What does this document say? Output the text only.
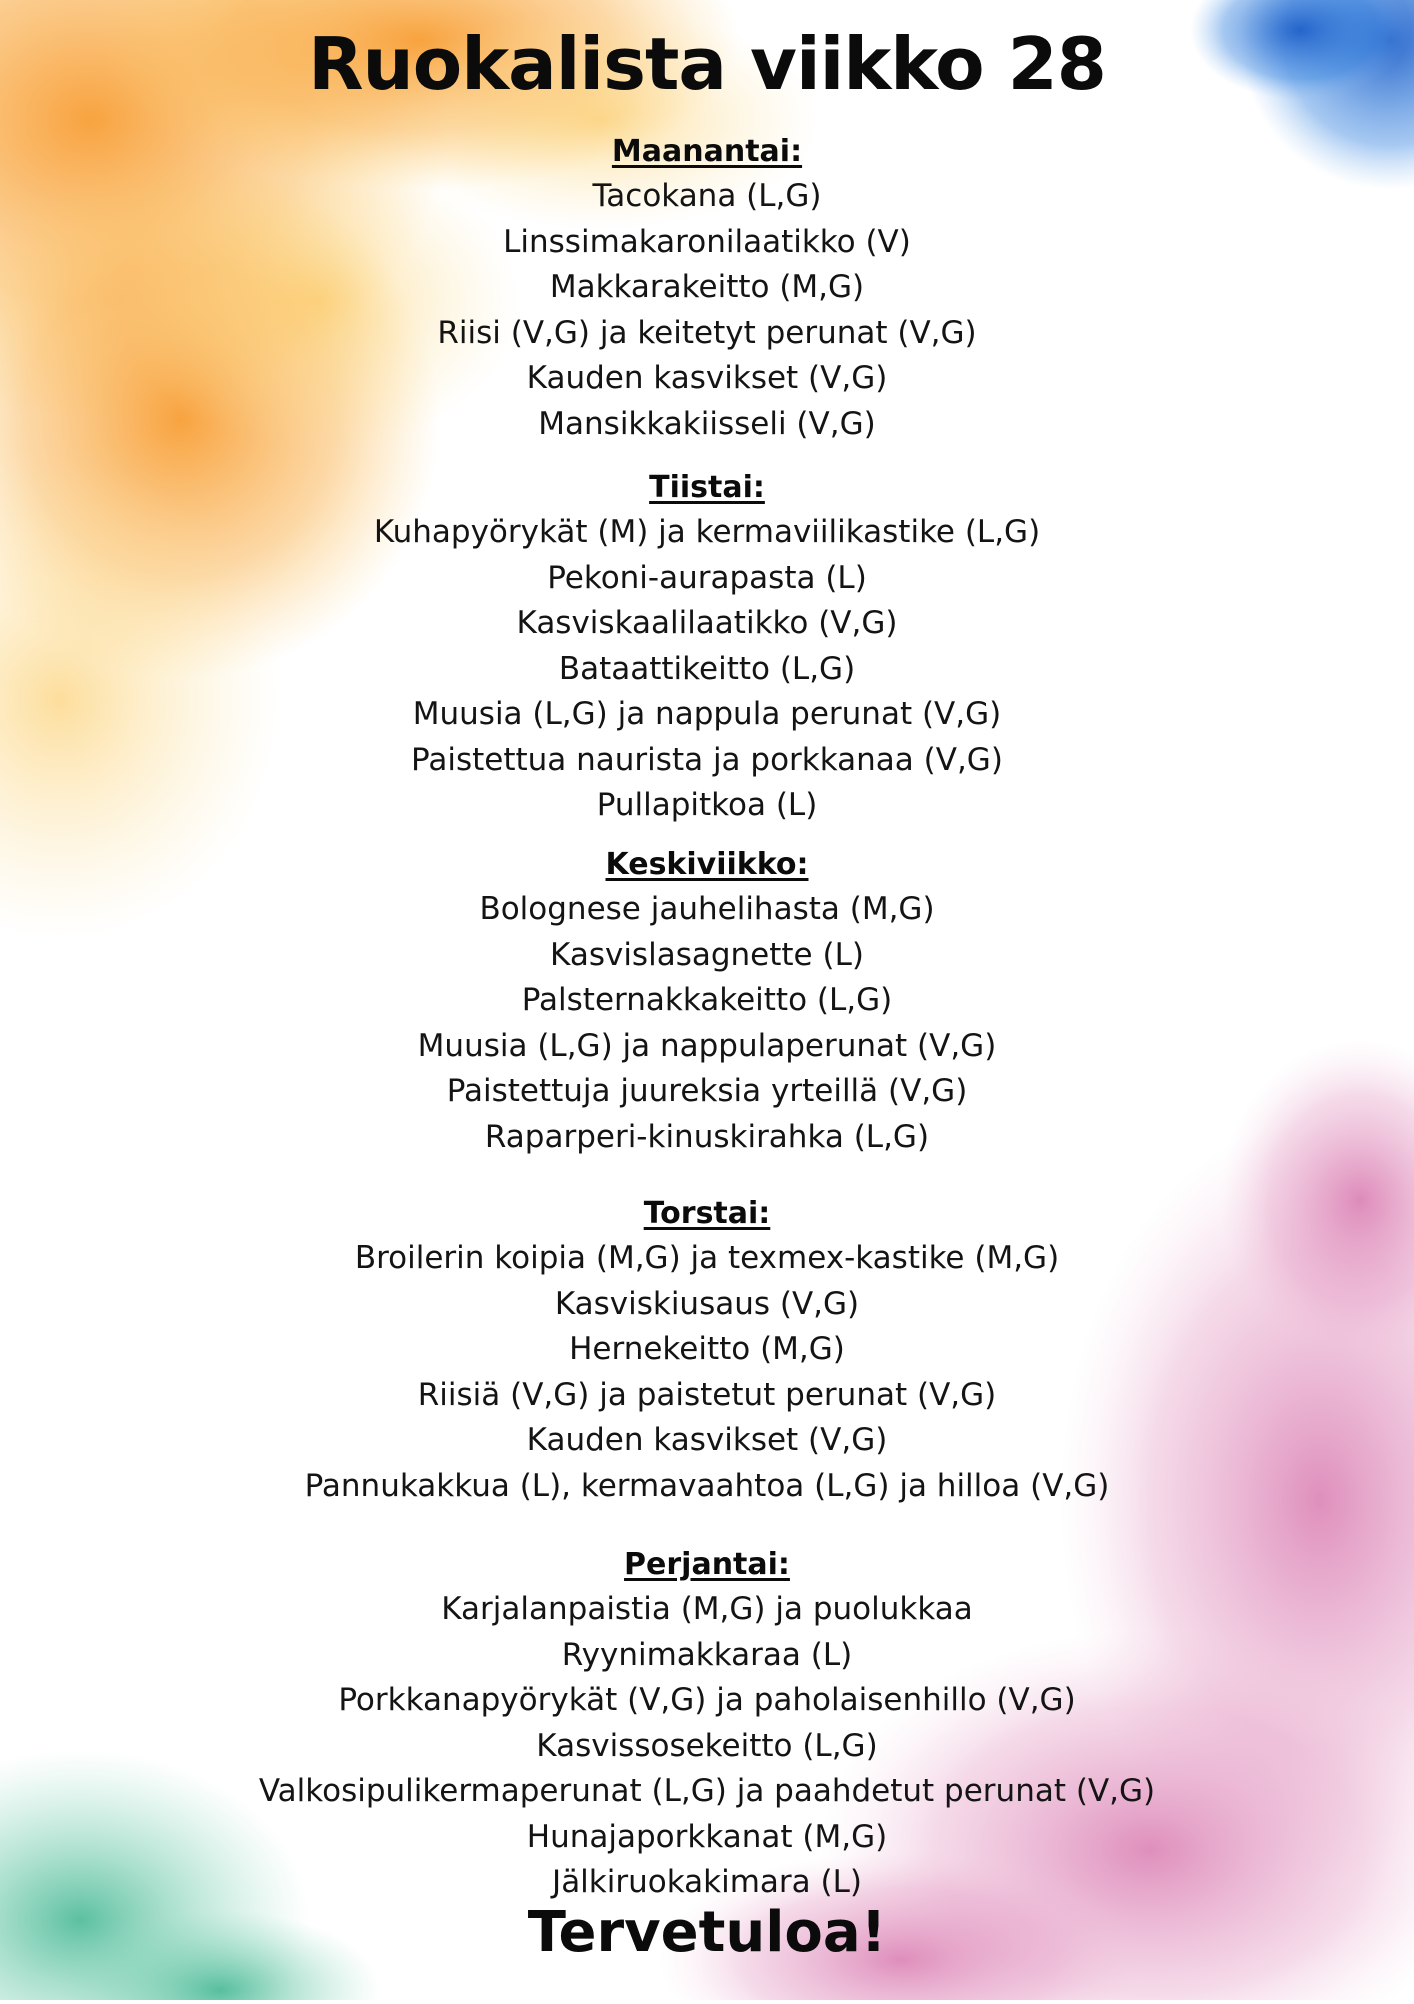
Ruokalista viikko 28
Maanantai:
Tacokana (L,G)
Linssimakaronilaatikko (V)
Makkarakeitto (M,G)
Riisi (V,G) ja keitetyt perunat (V,G)
Kauden kasvikset (V,G)
Mansikkakiisseli (V,G)
Tiistai:
Kuhapyörykät (M) ja kermaviilikastike (L,G)
Pekoni-aurapasta (L)
Kasviskaalilaatikko (V,G)
Bataattikeitto (L,G)
Muusia (L,G) ja nappula perunat (V,G)
Paistettua naurista ja porkkanaa (V,G)
Pullapitkoa (L)
Keskiviikko:
Bolognese jauhelihasta (M,G)
Kasvislasagnette (L)
Palsternakkakeitto (L,G)
Muusia (L,G) ja nappulaperunat (V,G)
Paistettuja juureksia yrteillä (V,G)
Raparperi-kinuskirahka (L,G)
Torstai:
Broilerin koipia (M,G) ja texmex-kastike (M,G)
Kasviskiusaus (V,G)
Hernekeitto (M,G)
Riisiä (V,G) ja paistetut perunat (V,G)
Kauden kasvikset (V,G)
Pannukakkua (L), kermavaahtoa (L,G) ja hilloa (V,G)
Perjantai:
Karjalanpaistia (M,G) ja puolukkaa
Ryynimakkaraa (L)
Porkkanapyörykät (V,G) ja paholaisenhillo (V,G)
Kasvissosekeitto (L,G)
Valkosipulikermaperunat (L,G) ja paahdetut perunat (V,G)
Hunajaporkkanat (M,G)
Jälkiruokakimara (L)
Tervetuloa!
